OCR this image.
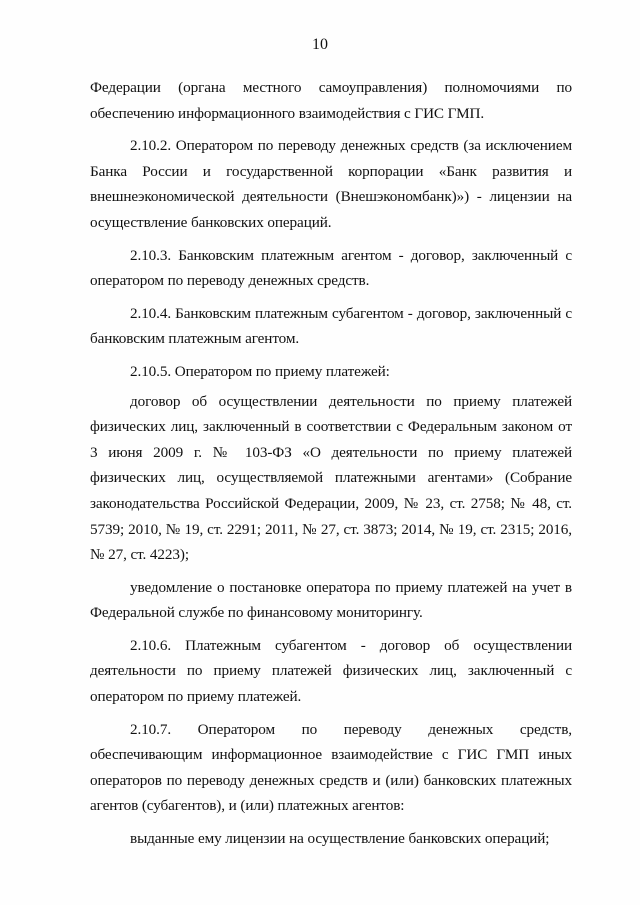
10

Федерации (органа местного самоуправления) полномочиями по обеспечению информационного взаимодействия с ГИС ГМП.

2.10.2. Оператором по переводу денежных средств (за исключением Банка России и государственной корпорации «Банк развития и внешнеэкономической деятельности (Внешэкономбанк)») - лицензии на осуществление банковских операций.

2.10.3. Банковским платежным агентом - договор, заключенный с оператором по переводу денежных средств.

2.10.4. Банковским платежным субагентом - договор, заключенный с банковским платежным агентом.

2.10.5. Оператором по приему платежей:

договор об осуществлении деятельности по приему платежей физических лиц, заключенный в соответствии с Федеральным законом от 3 июня 2009 г. № 103-ФЗ «О деятельности по приему платежей физических лиц, осуществляемой платежными агентами» (Собрание законодательства Российской Федерации, 2009, № 23, ст. 2758; № 48, ст. 5739; 2010, № 19, ст. 2291; 2011, № 27, ст. 3873; 2014, № 19, ст. 2315; 2016, № 27, ст. 4223);

уведомление о постановке оператора по приему платежей на учет в Федеральной службе по финансовому мониторингу.

2.10.6. Платежным субагентом - договор об осуществлении деятельности по приему платежей физических лиц, заключенный с оператором по приему платежей.

2.10.7. Оператором по переводу денежных средств, обеспечивающим информационное взаимодействие с ГИС ГМП иных операторов по переводу денежных средств и (или) банковских платежных агентов (субагентов), и (или) платежных агентов:

выданные ему лицензии на осуществление банковских операций;
